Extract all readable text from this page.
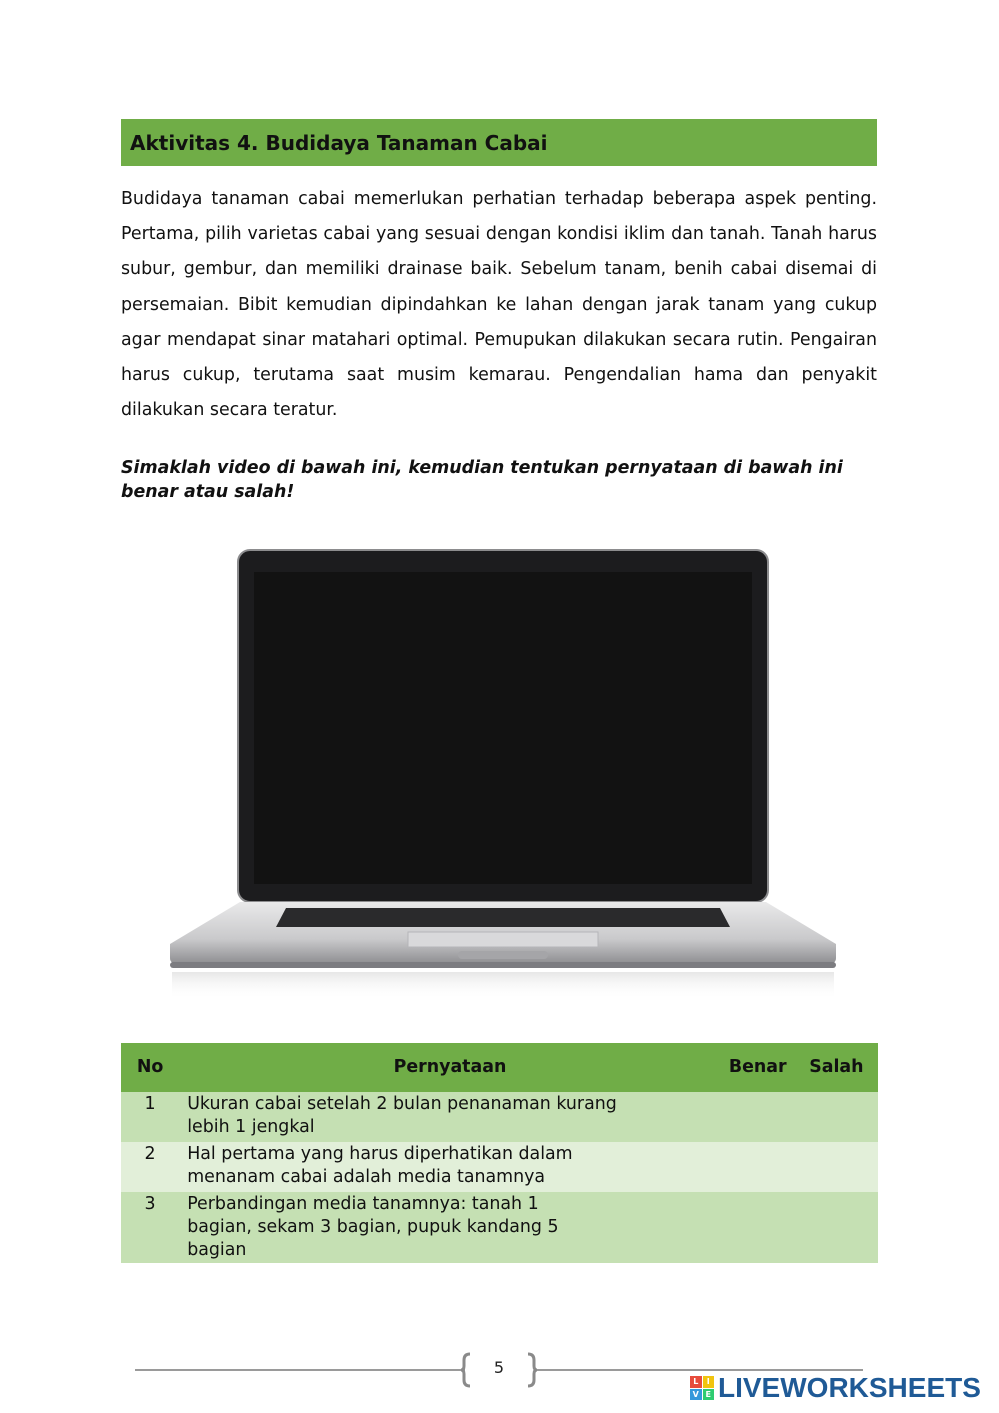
Aktivitas 4. Budidaya Tanaman Cabai

Budidaya tanaman cabai memerlukan perhatian terhadap beberapa aspek penting. Pertama, pilih varietas cabai yang sesuai dengan kondisi iklim dan tanah. Tanah harus subur, gembur, dan memiliki drainase baik. Sebelum tanam, benih cabai disemai di persemaian. Bibit kemudian dipindahkan ke lahan dengan jarak tanam yang cukup agar mendapat sinar matahari optimal. Pemupukan dilakukan secara rutin. Pengairan harus cukup, terutama saat musim kemarau. Pengendalian hama dan penyakit dilakukan secara teratur.

Simaklah video di bawah ini, kemudian tentukan pernyataan di bawah ini benar atau salah!

No	Pernyataan	Benar	Salah
1	Ukuran cabai setelah 2 bulan penanaman kurang lebih 1 jengkal		
2	Hal pertama yang harus diperhatikan dalam menanam cabai adalah media tanamnya		
3	Perbandingan media tanamnya: tanah 1 bagian, sekam 3 bagian, pupuk kandang 5 bagian		
5
L	I
V E LIVEWORKSHEETS
